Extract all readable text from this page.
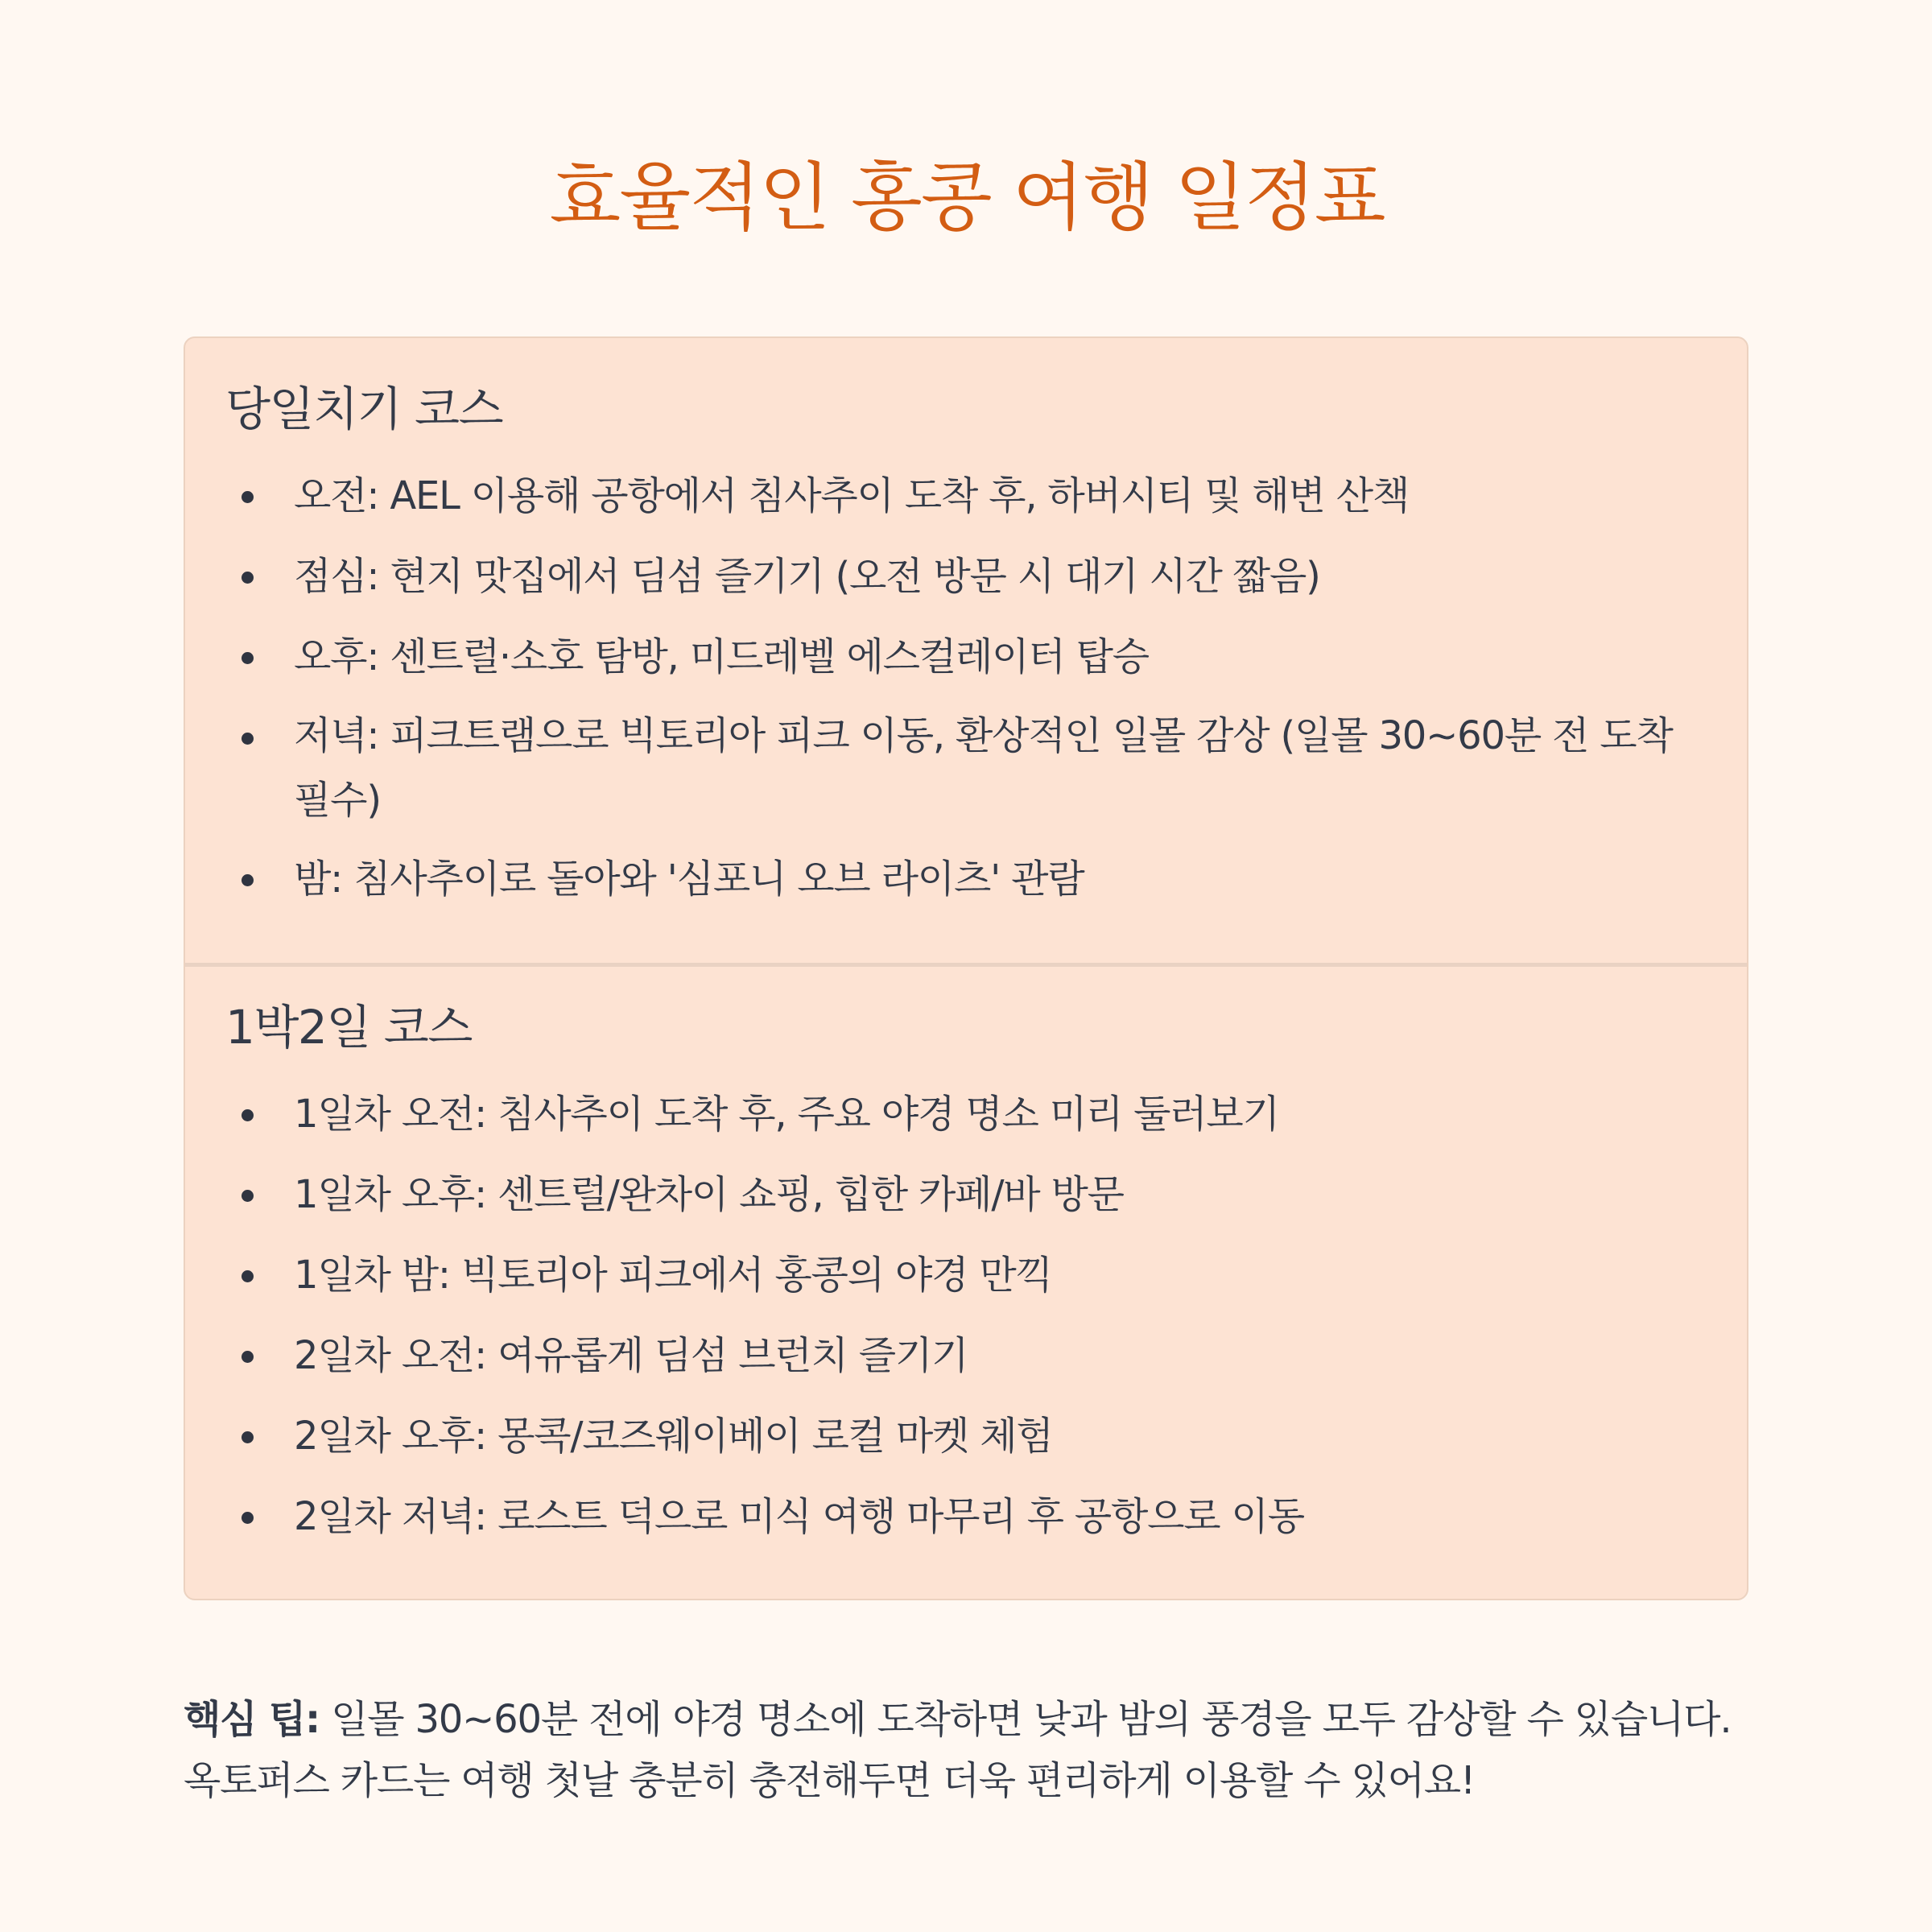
효율적인 홍콩 여행 일정표
당일치기 코스
오전: AEL 이용해 공항에서 침사추이 도착 후, 하버시티 및 해변 산책
점심: 현지 맛집에서 딤섬 즐기기 (오전 방문 시 대기 시간 짧음)
오후: 센트럴·소호 탐방, 미드레벨 에스컬레이터 탑승
저녁: 피크트램으로 빅토리아 피크 이동, 환상적인 일몰 감상 (일몰 30~60분 전 도착 필수)
밤: 침사추이로 돌아와 '심포니 오브 라이츠' 관람
1박2일 코스
1일차 오전: 침사추이 도착 후, 주요 야경 명소 미리 둘러보기
1일차 오후: 센트럴/완차이 쇼핑, 힙한 카페/바 방문
1일차 밤: 빅토리아 피크에서 홍콩의 야경 만끽
2일차 오전: 여유롭게 딤섬 브런치 즐기기
2일차 오후: 몽콕/코즈웨이베이 로컬 마켓 체험
2일차 저녁: 로스트 덕으로 미식 여행 마무리 후 공항으로 이동

핵심 팁: 일몰 30~60분 전에 야경 명소에 도착하면 낮과 밤의 풍경을 모두 감상할 수 있습니다. 옥토퍼스 카드는 여행 첫날 충분히 충전해두면 더욱 편리하게 이용할 수 있어요!
